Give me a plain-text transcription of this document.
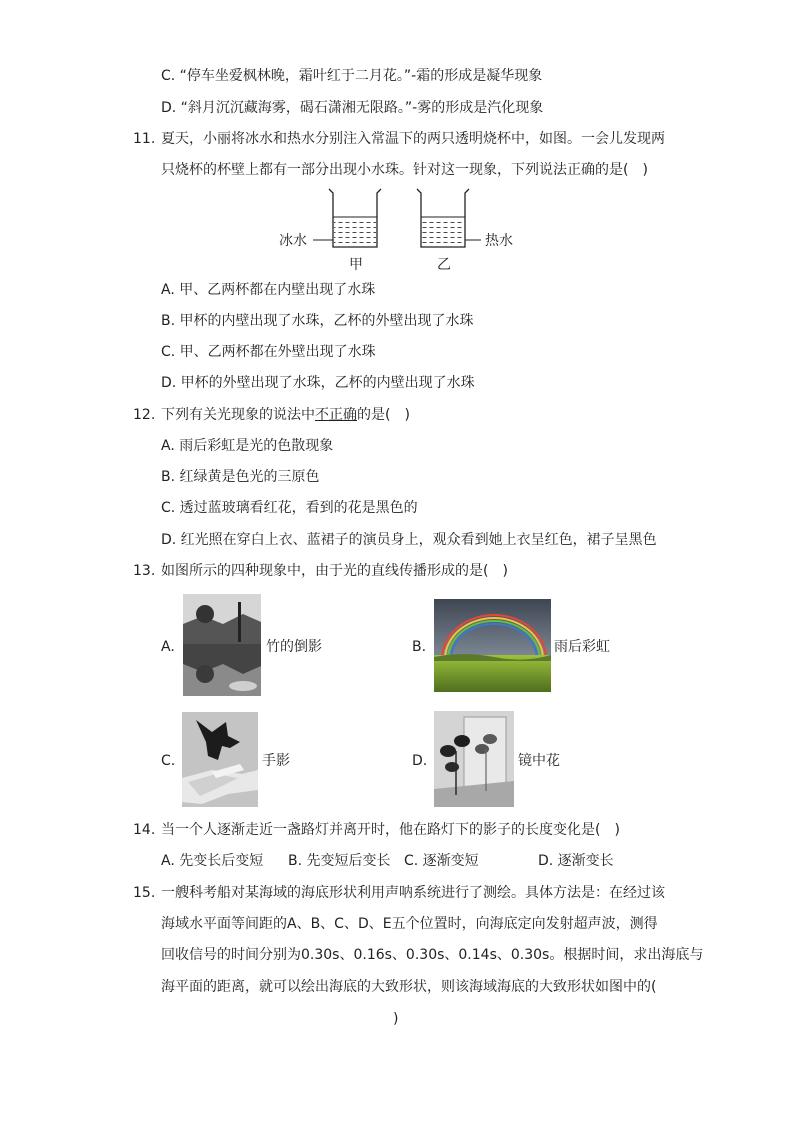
C. “停车坐爱枫林晚，霜叶红于二月花。”-霜的形成是凝华现象
D. “斜月沉沉藏海雾，碣石潇湘无限路。”-雾的形成是汽化现象
11. 夏天，小丽将冰水和热水分别注入常温下的两只透明烧杯中，如图。一会儿发现两
只烧杯的杯壁上都有一部分出现小水珠。针对这一现象，下列说法正确的是(　)
冰水	热水
甲	乙
A. 甲、乙两杯都在内壁出现了水珠
B. 甲杯的内壁出现了水珠，乙杯的外壁出现了水珠
C. 甲、乙两杯都在外壁出现了水珠
D. 甲杯的外壁出现了水珠，乙杯的内壁出现了水珠
12. 下列有关光现象的说法中不正确的是(　)
A. 雨后彩虹是光的色散现象
B. 红绿黄是色光的三原色
C. 透过蓝玻璃看红花，看到的花是黑色的
D. 红光照在穿白上衣、蓝裙子的演员身上，观众看到她上衣呈红色，裙子呈黑色
13. 如图所示的四种现象中，由于光的直线传播形成的是(　)
A.	竹的倒影	B.	雨后彩虹
C.	手影	D.	镜中花
14. 当一个人逐渐走近一盏路灯并离开时，他在路灯下的影子的长度变化是(　)
A. 先变长后变短 B. 先变短后变长 C. 逐渐变短	D. 逐渐变长
15. 一艘科考船对某海域的海底形状利用声呐系统进行了测绘。具体方法是：在经过该
海域水平面等间距的A、B、C、D、E五个位置时，向海底定向发射超声波，测得
回收信号的时间分别为0.30s、0.16s、0.30s、0.14s、0.30s。根据时间，求出海底与
海平面的距离，就可以绘出海底的大致形状，则该海域海底的大致形状如图中的(
)
